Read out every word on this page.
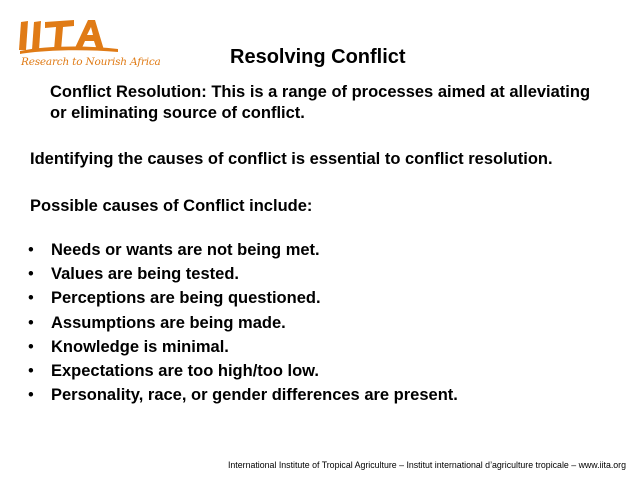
Research to Nourish Africa	Resolving Conflict
Conflict Resolution: This is a range of processes aimed at alleviating or eliminating source of conflict.
Identifying the causes of conflict is essential to conflict resolution.
Possible causes of Conflict include:
• Needs or wants are not being met.
• Values are being tested.
• Perceptions are being questioned.
• Assumptions are being made.
• Knowledge is minimal.
• Expectations are too high/too low.
• Personality, race, or gender differences are present.
International Institute of Tropical Agriculture – Institut international d’agriculture tropicale – www.iita.org
